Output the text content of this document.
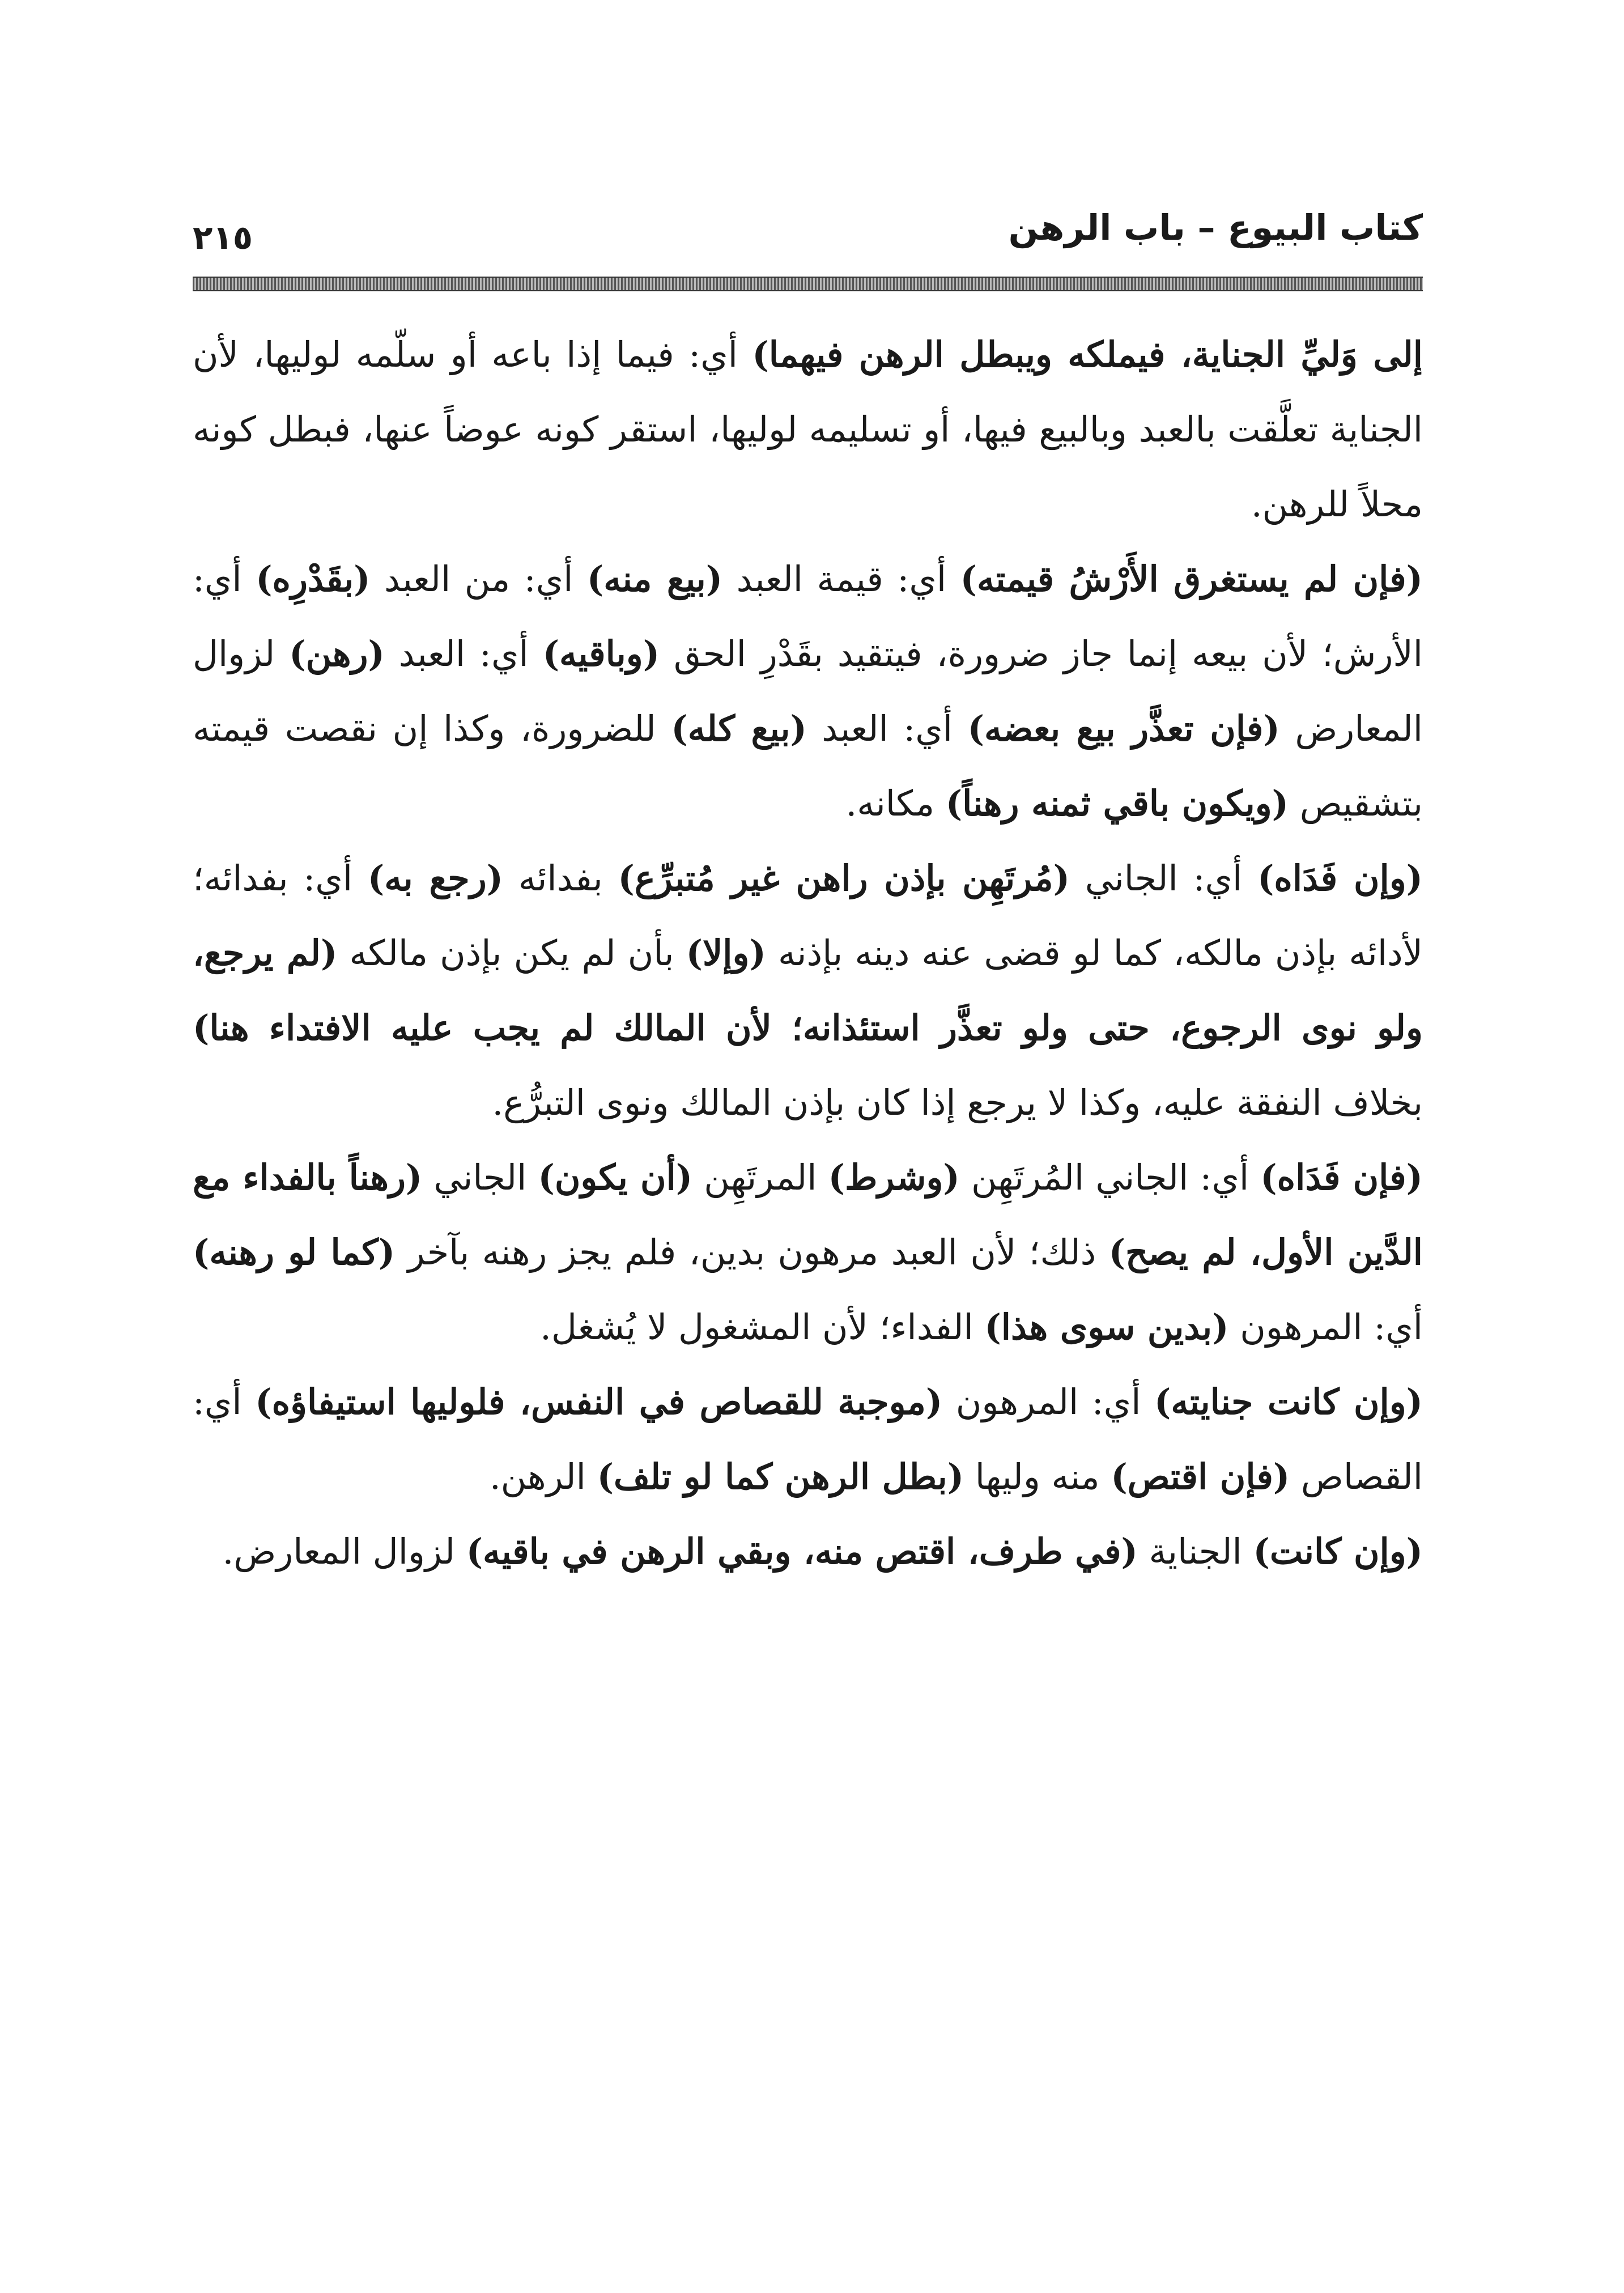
كتاب البيوع – باب الرهن
٢١٥

إلى وَليِّ الجناية، فيملكه ويبطل الرهن فيهما) أي: فيما إذا باعه أو سلّمه لوليها، لأن الجناية تعلَّقت بالعبد وبالبيع فيها، أو تسليمه لوليها، استقر كونه عوضاً عنها، فبطل كونه محلاً للرهن.

(فإن لم يستغرق الأَرْشُ قيمته) أي: قيمة العبد (بيع منه) أي: من العبد (بقَدْرِه) أي: الأرش؛ لأن بيعه إنما جاز ضرورة، فيتقيد بقَدْرِ الحق (وباقيه) أي: العبد (رهن) لزوال المعارض (فإن تعذَّر بيع بعضه) أي: العبد (بيع كله) للضرورة، وكذا إن نقصت قيمته بتشقيص (ويكون باقي ثمنه رهناً) مكانه.

(وإن فَدَاه) أي: الجاني (مُرتَهِن بإذن راهن غير مُتبرِّع) بفدائه (رجع به) أي: بفدائه؛ لأدائه بإذن مالكه، كما لو قضى عنه دينه بإذنه (وإلا) بأن لم يكن بإذن مالكه (لم يرجع، ولو نوى الرجوع، حتى ولو تعذَّر استئذانه؛ لأن المالك لم يجب عليه الافتداء هنا) بخلاف النفقة عليه، وكذا لا يرجع إذا كان بإذن المالك ونوى التبرُّع.

(فإن فَدَاه) أي: الجاني المُرتَهِن (وشرط) المرتَهِن (أن يكون) الجاني (رهناً بالفداء مع الدَّين الأول، لم يصح) ذلك؛ لأن العبد مرهون بدين، فلم يجز رهنه بآخر (كما لو رهنه) أي: المرهون (بدين سوى هذا) الفداء؛ لأن المشغول لا يُشغل.

(وإن كانت جنايته) أي: المرهون (موجبة للقصاص في النفس، فلوليها استيفاؤه) أي: القصاص (فإن اقتص) منه وليها (بطل الرهن كما لو تلف) الرهن.

(وإن كانت) الجناية (في طرف، اقتص منه، وبقي الرهن في باقيه) لزوال المعارض.
